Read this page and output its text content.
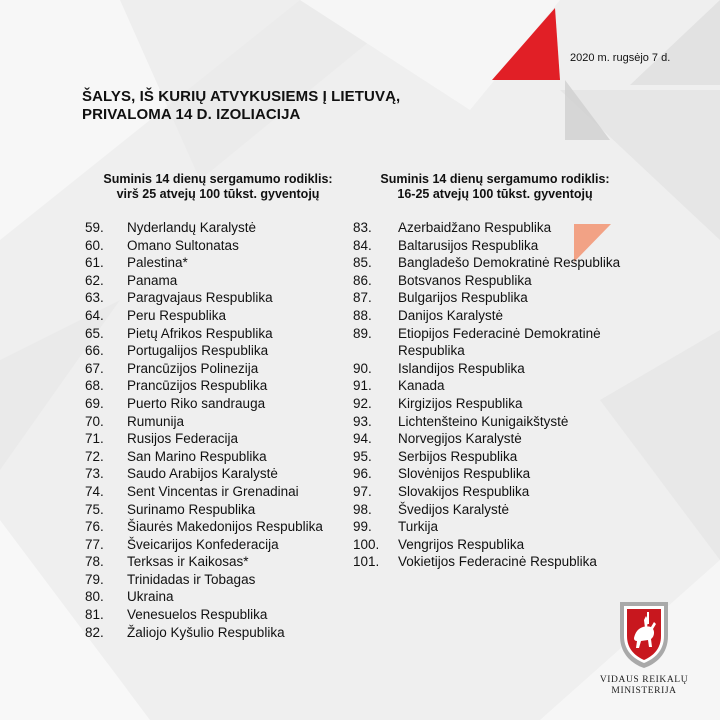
2020 m. rugsėjo 7 d.
ŠALYS, IŠ KURIŲ ATVYKUSIEMS Į LIETUVĄ,
PRIVALOMA 14 D. IZOLIACIJA
Suminis 14 dienų sergamumo rodiklis:
virš 25 atvejų 100 tūkst. gyventojų
Suminis 14 dienų sergamumo rodiklis:
16-25 atvejų 100 tūkst. gyventojų
59.	Nyderlandų Karalystė
60.	Omano Sultonatas
61.	Palestina*
62.	Panama
63.	Paragvajaus Respublika
64.	Peru Respublika
65.	Pietų Afrikos Respublika
66.	Portugalijos Respublika
67.	Prancūzijos Polinezija
68.	Prancūzijos Respublika
69.	Puerto Riko sandrauga
70.	Rumunija
71.	Rusijos Federacija
72.	San Marino Respublika
73.	Saudo Arabijos Karalystė
74.	Sent Vincentas ir Grenadinai
75.	Surinamo Respublika
76.	Šiaurės Makedonijos Respublika
77.	Šveicarijos Konfederacija
78.	Terksas ir Kaikosas*
79.	Trinidadas ir Tobagas
80.	Ukraina
81.	Venesuelos Respublika
82.	Žaliojo Kyšulio Respublika
83.	Azerbaidžano Respublika
84.	Baltarusijos Respublika
85.	Bangladešo Demokratinė Respublika
86.	Botsvanos Respublika
87.	Bulgarijos Respublika
88.	Danijos Karalystė
89.	Etiopijos Federacinė Demokratinė Respublika
90.	Islandijos Respublika
91.	Kanada
92.	Kirgizijos Respublika
93.	Lichtenšteino Kunigaikštystė
94.	Norvegijos Karalystė
95.	Serbijos Respublika
96.	Slovėnijos Respublika
97.	Slovakijos Respublika
98.	Švedijos Karalystė
99.	Turkija
100.	Vengrijos Respublika
101.	Vokietijos Federacinė Respublika
VIDAUS REIKALŲ
MINISTERIJA
